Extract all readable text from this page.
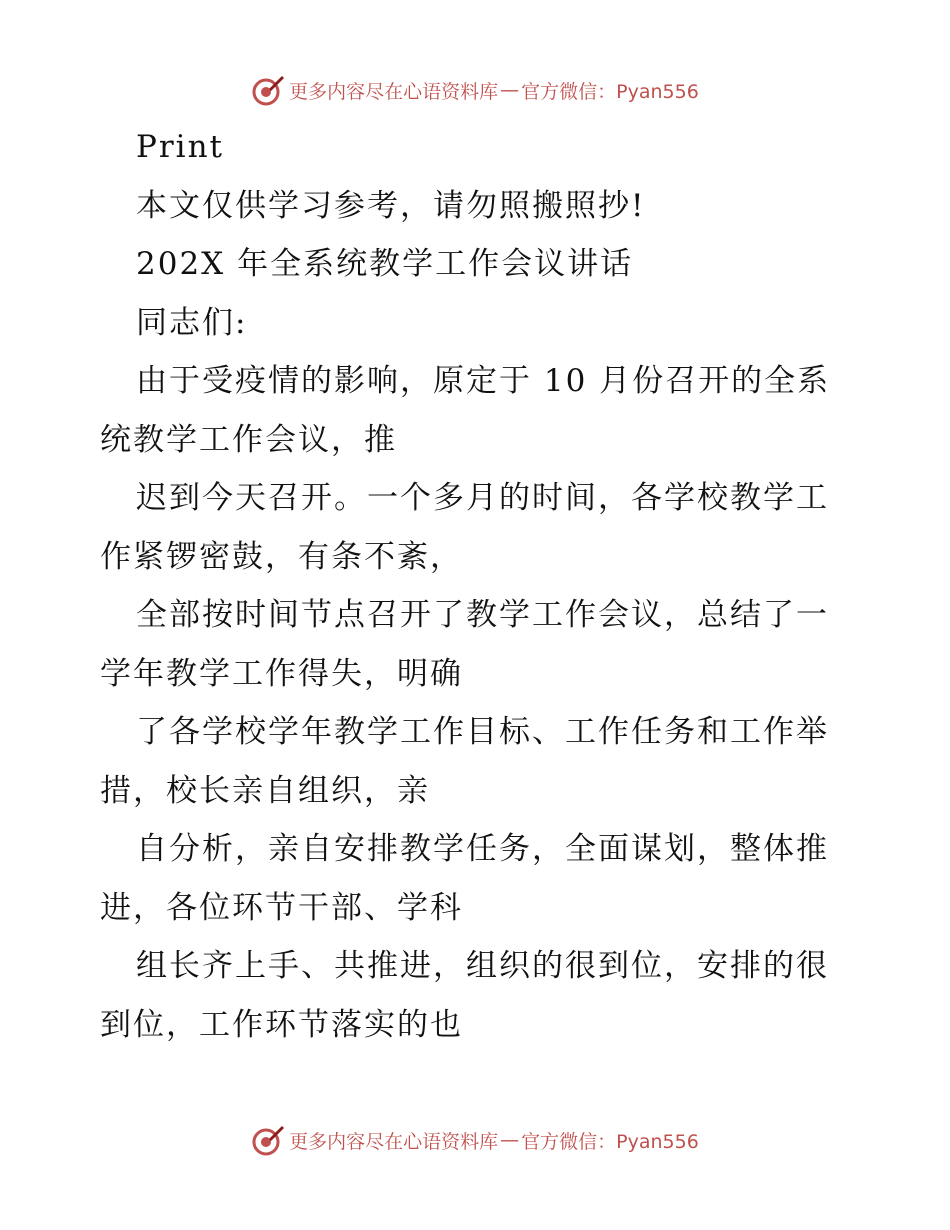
更多内容尽在心语资料库 — 官方微信：Pyan556
Print
本文仅供学习参考，请勿照搬照抄!
202X 年全系统教学工作会议讲话
同志们:
由于受疫情的影响，原定于 10 月份召开的全系
统教学工作会议，推
迟到今天召开。一个多月的时间，各学校教学工
作紧锣密鼓，有条不紊，
全部按时间节点召开了教学工作会议，总结了一
学年教学工作得失，明确
了各学校学年教学工作目标、工作任务和工作举
措，校长亲自组织，亲
自分析，亲自安排教学任务，全面谋划，整体推
进，各位环节干部、学科
组长齐上手、共推进，组织的很到位，安排的很
到位，工作环节落实的也
更多内容尽在心语资料库 — 官方微信：Pyan556
